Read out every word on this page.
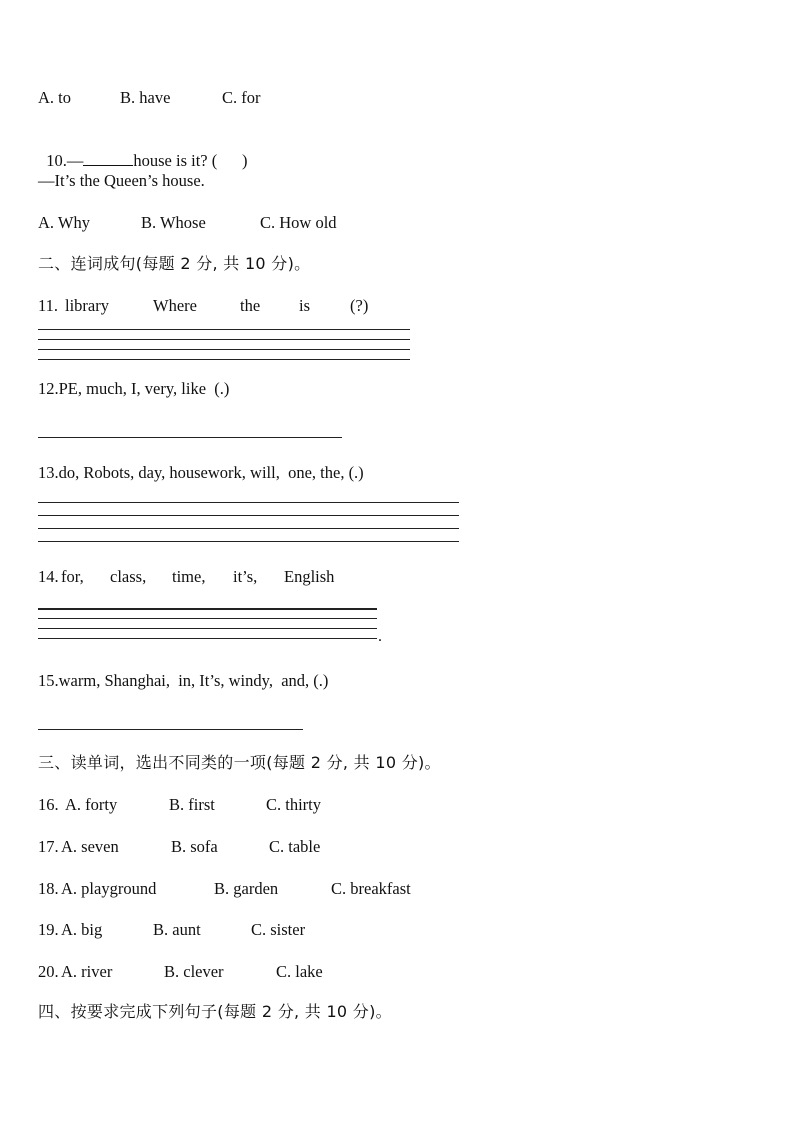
A. to	B. have	C. for

10.—	house is it? (      )

—It’s the Queen’s house.
A. Why	B. Whose	C. How old
二、连词成句(每题 2 分, 共 10 分)。
11. library	Where	the is (?)
12.PE, much, I, very, like  (.)
13.do, Robots, day, housework, will,  one, the, (.)
14. for, class, time, it’s, English
.
15.warm, Shanghai,  in, It’s, windy,  and, (.)
三、读单词，选出不同类的一项(每题 2 分, 共 10 分)。
16. A. forty	B. first	C. thirty
17. A. seven	B. sofa	C. table
18. A. playground	B. garden	C. breakfast
19. A. big	B. aunt	C. sister
20. A. river	B. clever	C. lake
四、按要求完成下列句子(每题 2 分, 共 10 分)。
